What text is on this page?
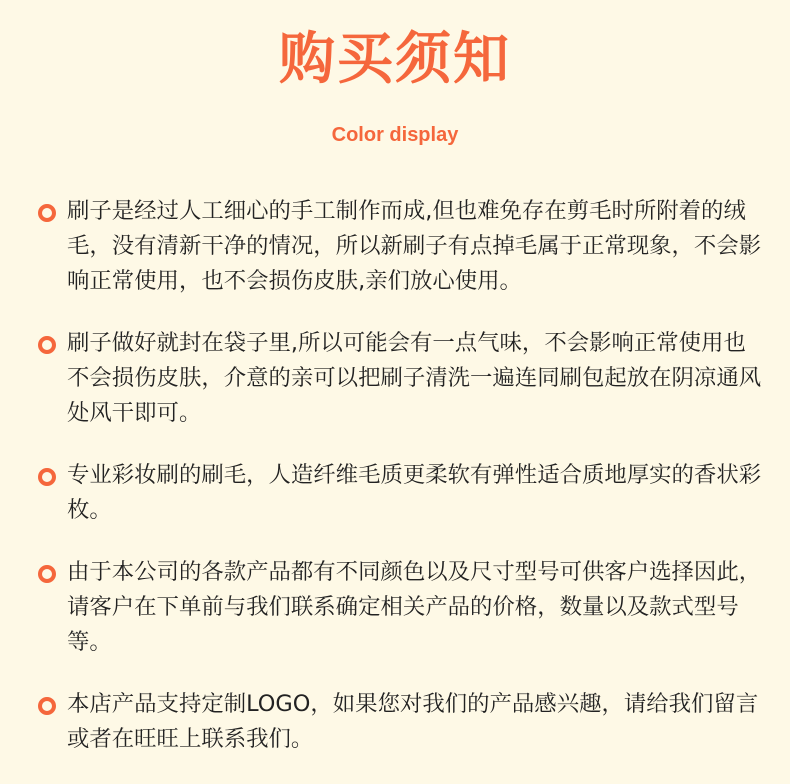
购买须知
Color display
刷子是经过人工细心的手工制作而成,但也难免存在剪毛时所附着的绒毛，没有清新干净的情况，所以新刷子有点掉毛属于正常现象，不会影响正常使用，也不会损伤皮肤,亲们放心使用。
刷子做好就封在袋子里,所以可能会有一点气味，不会影响正常使用也不会损伤皮肤，介意的亲可以把刷子清洗一遍连同刷包起放在阴凉通风处风干即可。
专业彩妆刷的刷毛，人造纤维毛质更柔软有弹性适合质地厚实的香状彩枚。
由于本公司的各款产品都有不同颜色以及尺寸型号可供客户选择因此，请客户在下单前与我们联系确定相关产品的价格，数量以及款式型号等。
本店产品支持定制LOGO，如果您对我们的产品感兴趣，请给我们留言或者在旺旺上联系我们。
